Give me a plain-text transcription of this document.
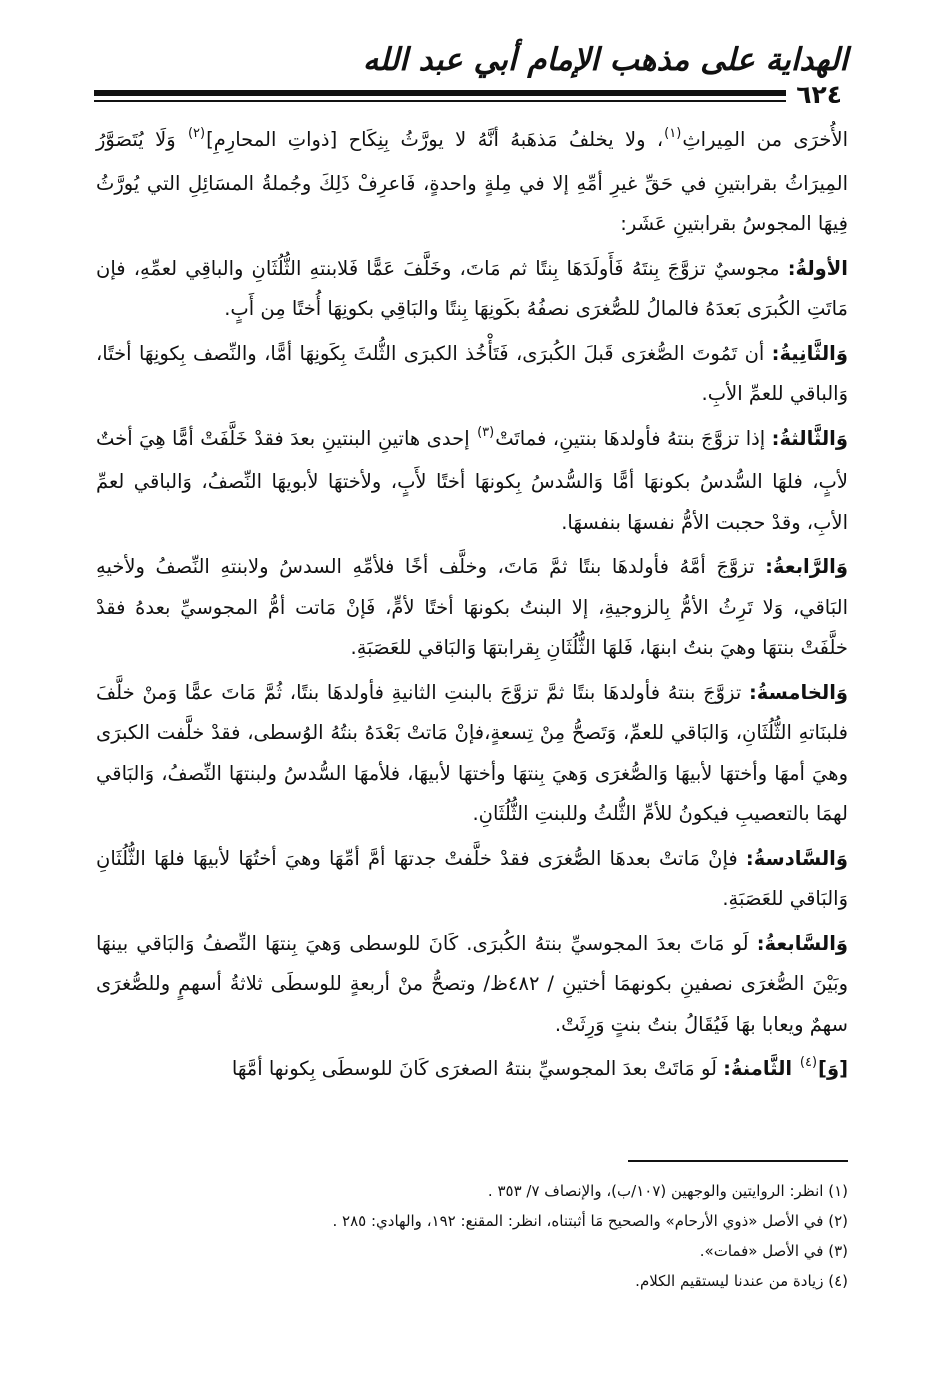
الهداية على مذهب الإمام أبي عبد الله
٦٢٤

الأُخرَى من المِيراثِ$^{(١)}$، ولا يخلفُ مَذهَبهُ أنَّهُ لا يورَّثُ بِنِكَاح [ذواتِ المحارِمِ]$^{(٢)}$ وَلَا يُتَصَوَّرُ المِيرَاثُ بقرابتينِ في حَقِّ غيرِ أمِّهِ إلا في مِلةٍ واحدةٍ، فَاعرِفْ ذَلِكَ وجُملةُ المسَائِلِ التي يُورَّثُ فِيهَا المجوسُ بقرابتينِ عَشَر:

الأولةُ: مجوسيٌ تزوَّجَ بِنتَهُ فَأَولَدَهَا بِنتًا ثم مَاتَ، وخَلَّفَ عَمًّا فَلابنتهِ الثُّلُثَانِ والباقِي لعمِّهِ، فإن مَاتَتِ الكُبرَى بَعدَهُ فالمالُ للصُّغرَى نصفُهُ بكَونِهَا بِنتًا والبَاقِي بكونِهَا أُختًا مِن أَبٍ.

وَالثَّانِيةُ: أن تَمُوتَ الصُّغرَى قَبلَ الكُبرَى، فَتَأْخُذ الكبرَى الثُّلثَ بِكَونِهَا أمًّا، والنِّصف بِكونِهَا أختًا، وَالباقي للعمِّ الأبِ.

وَالثَّالثةُ: إذا تزوَّجَ بنتهُ فأولدهَا بنتينِ، فماتَتْ$^{(٣)}$ إحدى هاتينِ البنتينِ بعدَ فقدْ خَلَّفَتْ أمًّا هِيَ أختٌ لأبٍ، فلهَا السُّدسُ بكونهَا أمًّا وَالسُّدسُ بِكونهَا أختًا لأَبٍ، ولأختهَا لأبويهَا النِّصفُ، وَالباقي لعمِّ الأبِ، وقدْ حجبت الأمُّ نفسهَا بنفسهَا.

وَالرَّابعةُ: تزوَّجَ أمَّهُ فأولدهَا بنتًا ثمَّ مَاتَ، وخلَّف أخًا فلأمِّهِ السدسُ ولابنتهِ النِّصفُ ولأخيهِ البَاقي، وَلا تَرِثُ الأمُّ بِالزوجيةِ، إلا البنتُ بكونهَا أختًا لأمٍّ، فَإنْ مَاتت أمُّ المجوسيِّ بعدهُ فقدْ خلَّفَتْ بنتهَا وهيَ بنتُ ابنهَا، فَلهَا الثُّلُثَانِ بِقرابتهَا وَالبَاقي للعَصَبَةِ.

وَالخامسةُ: تزوَّجَ بنتهُ فأولدهَا بنتًا ثمَّ تزوَّجَ بالبنتِ الثانيةِ فأولدهَا بنتًا، ثُمَّ مَاتَ عمًّا وَمنْ خلَّفَ فلبنَاتهِ الثُّلُثَانِ، وَالبَاقي للعمِّ، وَتَصحُّ مِنْ تِسعةٍ،فإنْ مَاتتْ بَعْدَهُ بنتُهُ الوُسطى، فقدْ خلَّفت الكبرَى وهيَ أمهَا وأختهَا لأبيهَا وَالصُّغرَى وَهيَ بِنتهَا وأختهَا لأبيهَا، فلأمهَا السُّدسُ ولبنتهَا النِّصفُ، وَالبَاقي لهمَا بالتعصيبِ فيكونُ للأمِّ الثُّلثُ وللبنتِ الثُّلُثَانِ.

وَالسَّادسةُ: فإنْ مَاتتْ بعدهَا الصُّغرَى فقدْ خلَّفتْ جدتهَا أمَّ أمِّهَا وهيَ أختُهَا لأبيهَا فلهَا الثُّلُثَانِ وَالبَاقي للعَصَبَةِ.

وَالسَّابعةُ: لَو مَاتَ بعدَ المجوسيِّ بنتهُ الكُبرَى. كَانَ للوسطى وَهيَ بِنتهَا النِّصفُ وَالبَاقي بينهَا وبَيْنَ الصُّغرَى نصفينِ بكونهمَا أختينِ / ٤٨٢ظ/ وتصحُّ منْ أربعةٍ للوسطَى ثلاثةُ أسهمٍ وللصُّغرَى سهمٌ ويعابا بهَا فَيُقَالُ بنتُ بنتٍ وَرِثَتْ.

[وَ]$^{(٤)}$ الثَّامنةُ: لَو مَاتَتْ بعدَ المجوسيِّ بنتهُ الصغرَى كَانَ للوسطَى بِكونها أمَّهَا

(١) انظر: الروايتين والوجهين (١٠٧/ب)، والإنصاف ٧/ ٣٥٣ .

(٢) في الأصل «ذوي الأرحام» والصحيح مَا أثبتناه، انظر: المقنع: ١٩٢، والهادي: ٢٨٥ .

(٣) في الأصل «فمات».

(٤) زيادة من عندنا ليستقيم الكلام.
